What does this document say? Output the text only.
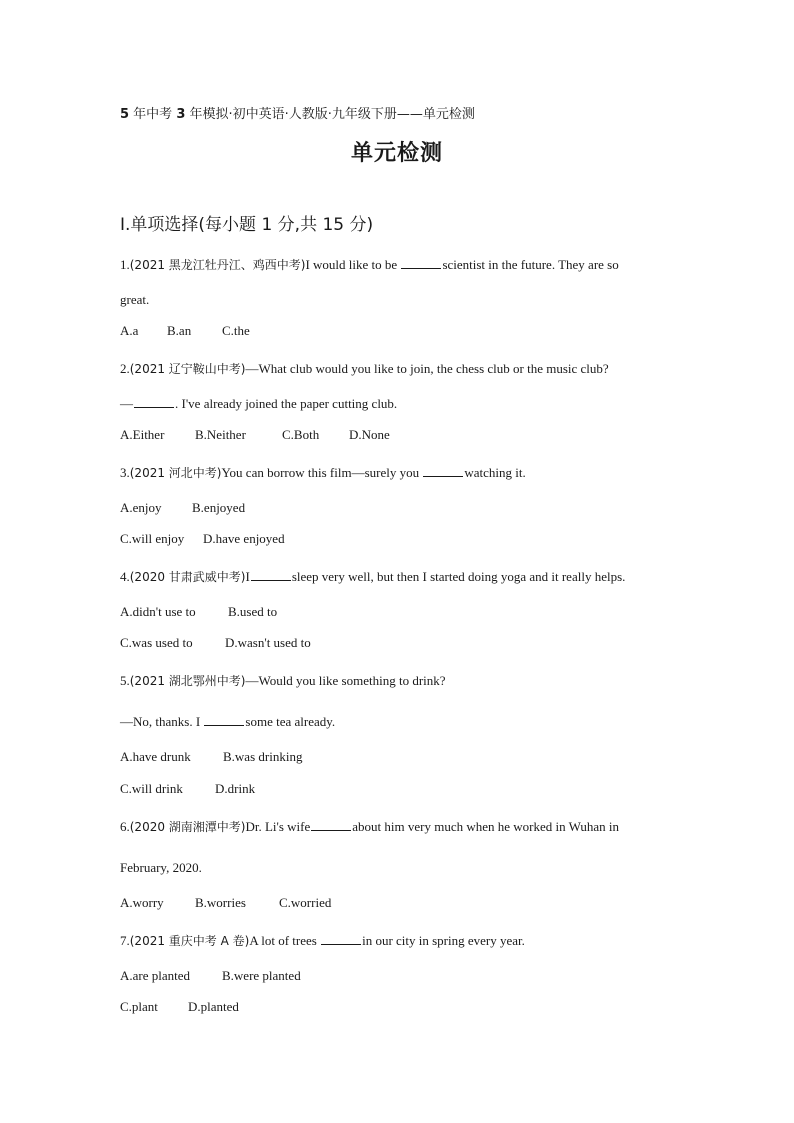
5 年中考 3 年模拟·初中英语·人教版·九年级下册——单元检测
单元检测
Ⅰ.单项选择(每小题 1 分,共 15 分)
1.(2021 黑龙江牡丹江、鸡西中考)I would like to be	scientist in the future. They are so
great.
A.a B.an C.the
2.(2021 辽宁鞍山中考)—What club would you like to join, the chess club or the music club?
—	. I've already joined the paper cutting club.
A.Either B.Neither	C.Both D.None
3.(2021 河北中考)You can borrow this film—surely you	watching it.
A.enjoy B.enjoyed
C.will enjoy D.have enjoyed
4.(2020 甘肃武威中考)I	sleep very well, but then I started doing yoga and it really helps.
A.didn't use to B.used to
C.was used to D.wasn't used to
5.(2021 湖北鄂州中考)—Would you like something to drink?
—No, thanks. I	some tea already.
A.have drunk B.was drinking
C.will drink D.drink
6.(2020 湖南湘潭中考)Dr. Li's wife	about him very much when he worked in Wuhan in
February, 2020.
A.worry B.worries	C.worried
7.(2021 重庆中考 A 卷)A lot of trees	in our city in spring every year.
A.are planted B.were planted
C.plant D.planted
